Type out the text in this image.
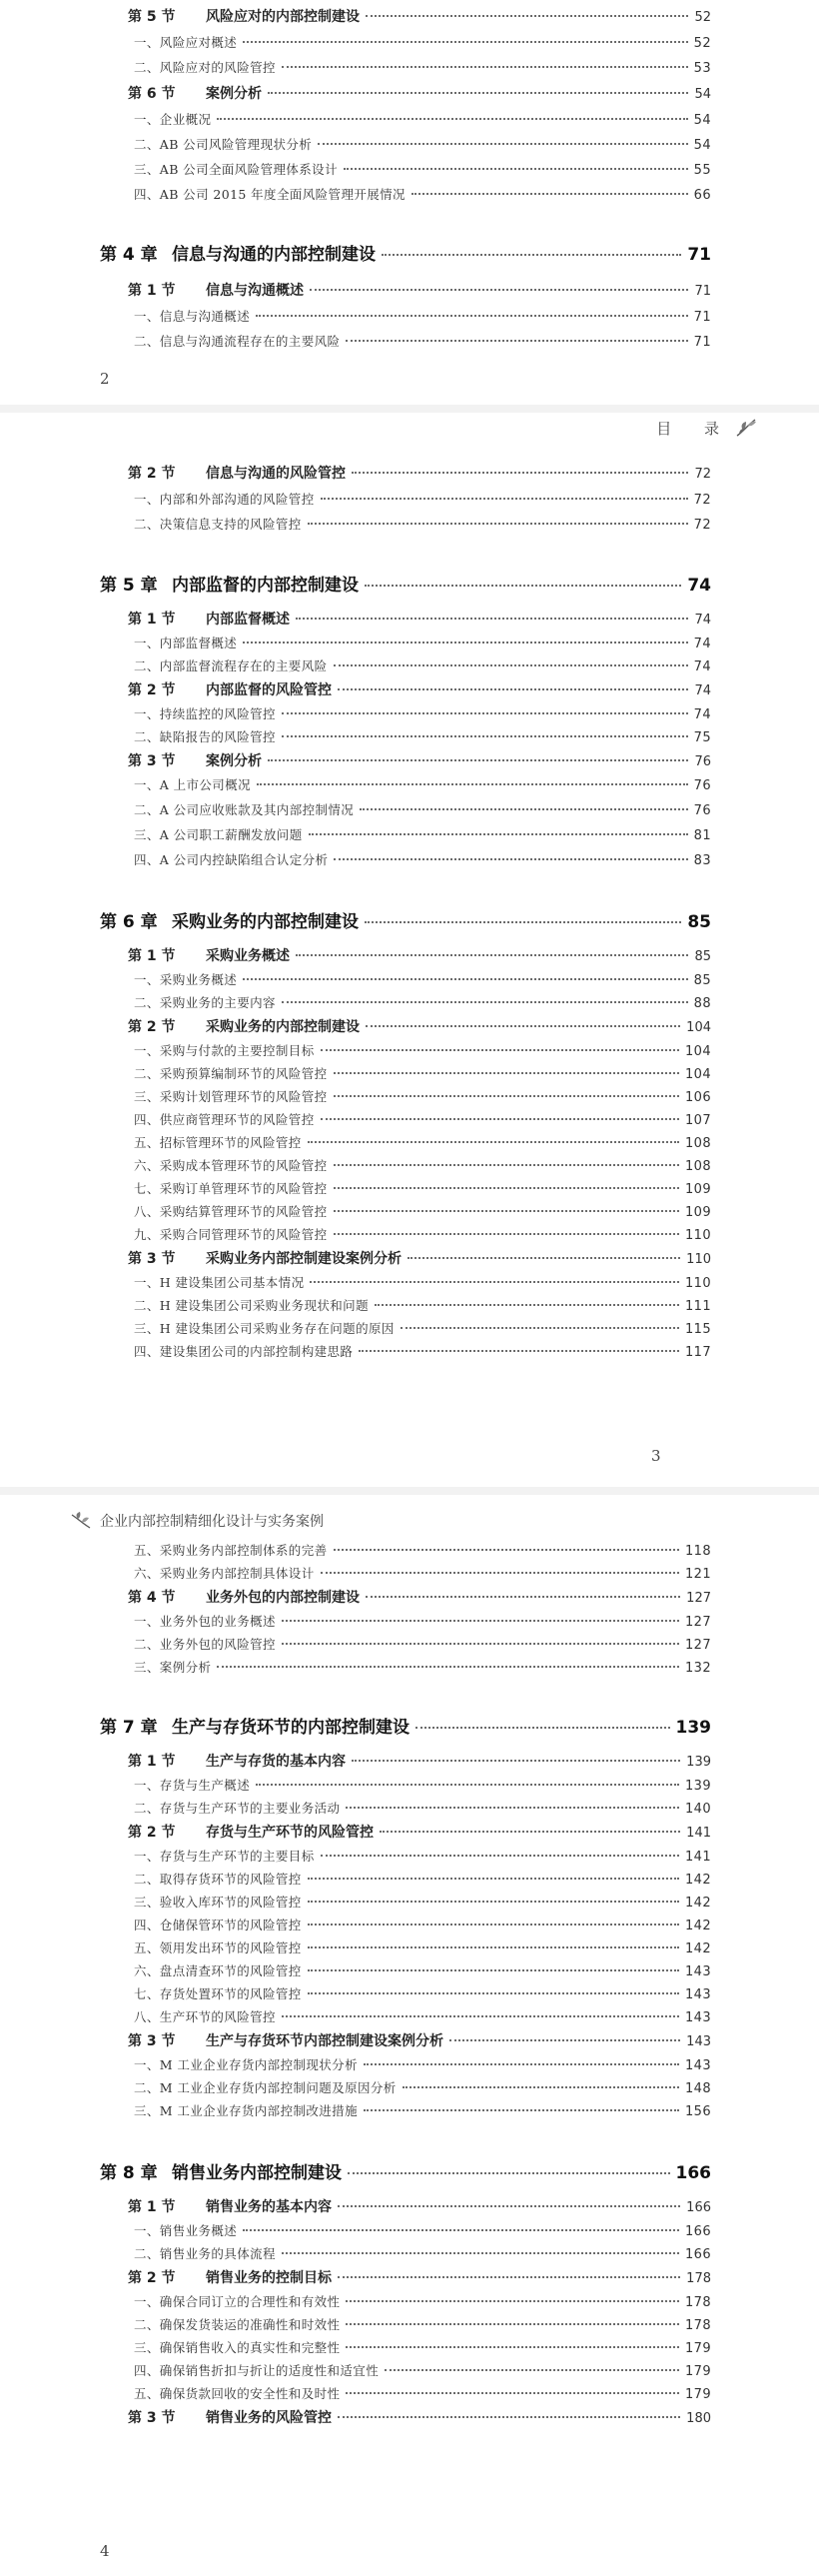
第 5 节	风险应对的内部控制建设	52
一、风险应对概述	52
二、风险应对的风险管控	53
第 6 节	案例分析	54
一、企业概况	54
二、AB 公司风险管理现状分析	54
三、AB 公司全面风险管理体系设计	55
四、AB 公司 2015 年度全面风险管理开展情况	66
第 4 章 信息与沟通的内部控制建设	71
第 1 节	信息与沟通概述	71
一、信息与沟通概述	71
二、信息与沟通流程存在的主要风险	71
2
第 2 节	信息与沟通的风险管控	72
一、内部和外部沟通的风险管控	72
二、决策信息支持的风险管控	72
第 5 章 内部监督的内部控制建设	74
第 1 节	内部监督概述	74
一、内部监督概述	74
二、内部监督流程存在的主要风险	74
第 2 节	内部监督的风险管控	74
一、持续监控的风险管控	74
二、缺陷报告的风险管控	75
第 3 节	案例分析	76
一、A 上市公司概况	76
二、A 公司应收账款及其内部控制情况	76
三、A 公司职工薪酬发放问题	81
四、A 公司内控缺陷组合认定分析	83
第 6 章 采购业务的内部控制建设	85
第 1 节	采购业务概述	85
一、采购业务概述	85
二、采购业务的主要内容	88
第 2 节	采购业务的内部控制建设	104
一、采购与付款的主要控制目标	104
二、采购预算编制环节的风险管控	104
三、采购计划管理环节的风险管控	106
四、供应商管理环节的风险管控	107
五、招标管理环节的风险管控	108
六、采购成本管理环节的风险管控	108
七、采购订单管理环节的风险管控	109
八、采购结算管理环节的风险管控	109
九、采购合同管理环节的风险管控	110
第 3 节	采购业务内部控制建设案例分析	110
一、H 建设集团公司基本情况	110
二、H 建设集团公司采购业务现状和问题	111
三、H 建设集团公司采购业务存在问题的原因	115
四、建设集团公司的内部控制构建思路	117
3
目 录
五、采购业务内部控制体系的完善	118
六、采购业务内部控制具体设计	121
第 4 节	业务外包的内部控制建设	127
一、业务外包的业务概述	127
二、业务外包的风险管控	127
三、案例分析	132
第 7 章 生产与存货环节的内部控制建设	139
第 1 节	生产与存货的基本内容	139
一、存货与生产概述	139
二、存货与生产环节的主要业务活动	140
第 2 节	存货与生产环节的风险管控	141
一、存货与生产环节的主要目标	141
二、取得存货环节的风险管控	142
三、验收入库环节的风险管控	142
四、仓储保管环节的风险管控	142
五、领用发出环节的风险管控	142
六、盘点清查环节的风险管控	143
七、存货处置环节的风险管控	143
八、生产环节的风险管控	143
第 3 节	生产与存货环节内部控制建设案例分析	143
一、M 工业企业存货内部控制现状分析	143
二、M 工业企业存货内部控制问题及原因分析	148
三、M 工业企业存货内部控制改进措施	156
第 8 章 销售业务内部控制建设	166
第 1 节	销售业务的基本内容	166
一、销售业务概述	166
二、销售业务的具体流程	166
第 2 节	销售业务的控制目标	178
一、确保合同订立的合理性和有效性	178
二、确保发货装运的准确性和时效性	178
三、确保销售收入的真实性和完整性	179
四、确保销售折扣与折让的适度性和适宜性	179
五、确保货款回收的安全性和及时性	179
第 3 节	销售业务的风险管控	180
4
企业内部控制精细化设计与实务案例
